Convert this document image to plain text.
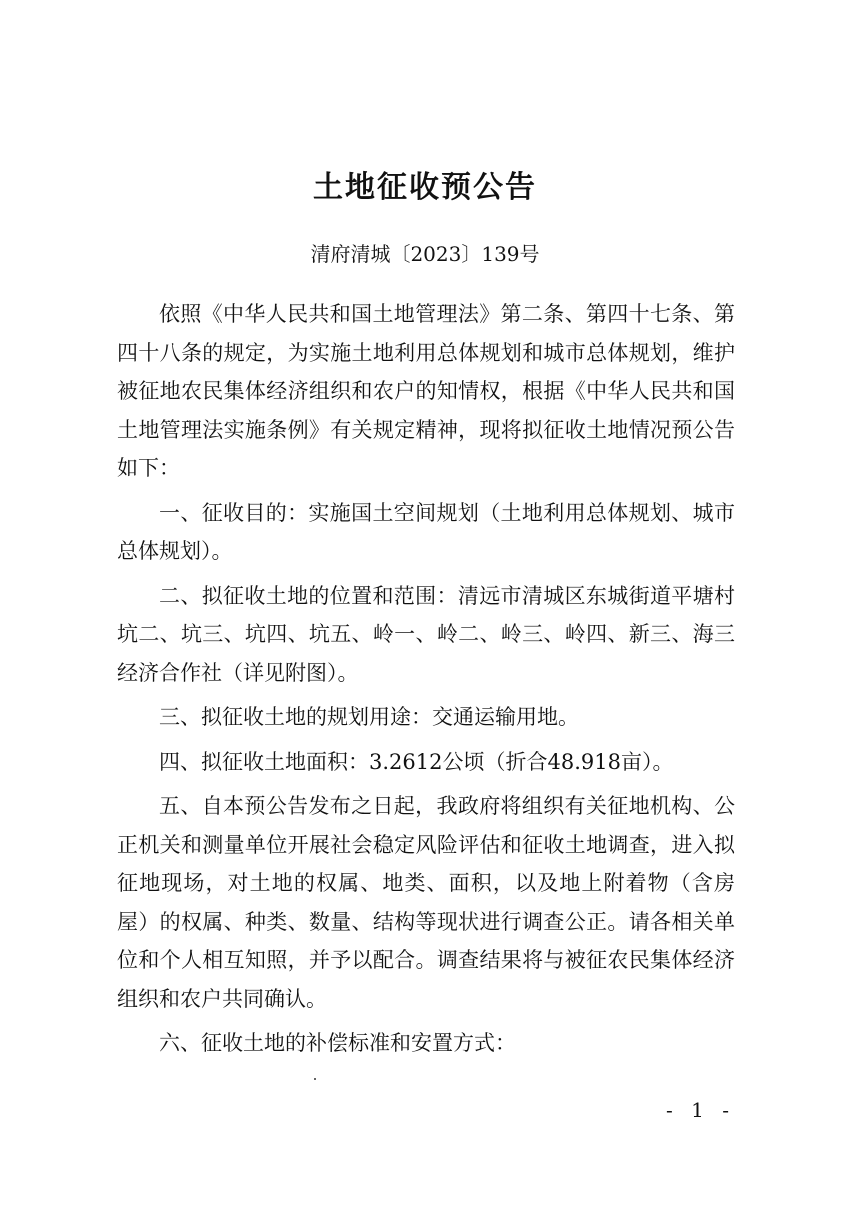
土地征收预公告
清府清城〔2023〕139号

依照《中华人民共和国土地管理法》第二条、第四十七条、第四十八条的规定，为实施土地利用总体规划和城市总体规划，维护被征地农民集体经济组织和农户的知情权，根据《中华人民共和国土地管理法实施条例》有关规定精神，现将拟征收土地情况预公告如下：

一、征收目的：实施国土空间规划（土地利用总体规划、城市总体规划）。

二、拟征收土地的位置和范围：清远市清城区东城街道平塘村坑二、坑三、坑四、坑五、岭一、岭二、岭三、岭四、新三、海三经济合作社（详见附图）。

三、拟征收土地的规划用途：交通运输用地。

四、拟征收土地面积：3.2612公顷（折合48.918亩）。

五、自本预公告发布之日起，我政府将组织有关征地机构、公正机关和测量单位开展社会稳定风险评估和征收土地调查，进入拟征地现场，对土地的权属、地类、面积，以及地上附着物（含房屋）的权属、种类、数量、结构等现状进行调查公正。请各相关单位和个人相互知照，并予以配合。调查结果将与被征农民集体经济组织和农户共同确认。

六、征收土地的补偿标准和安置方式：

- 1 -
